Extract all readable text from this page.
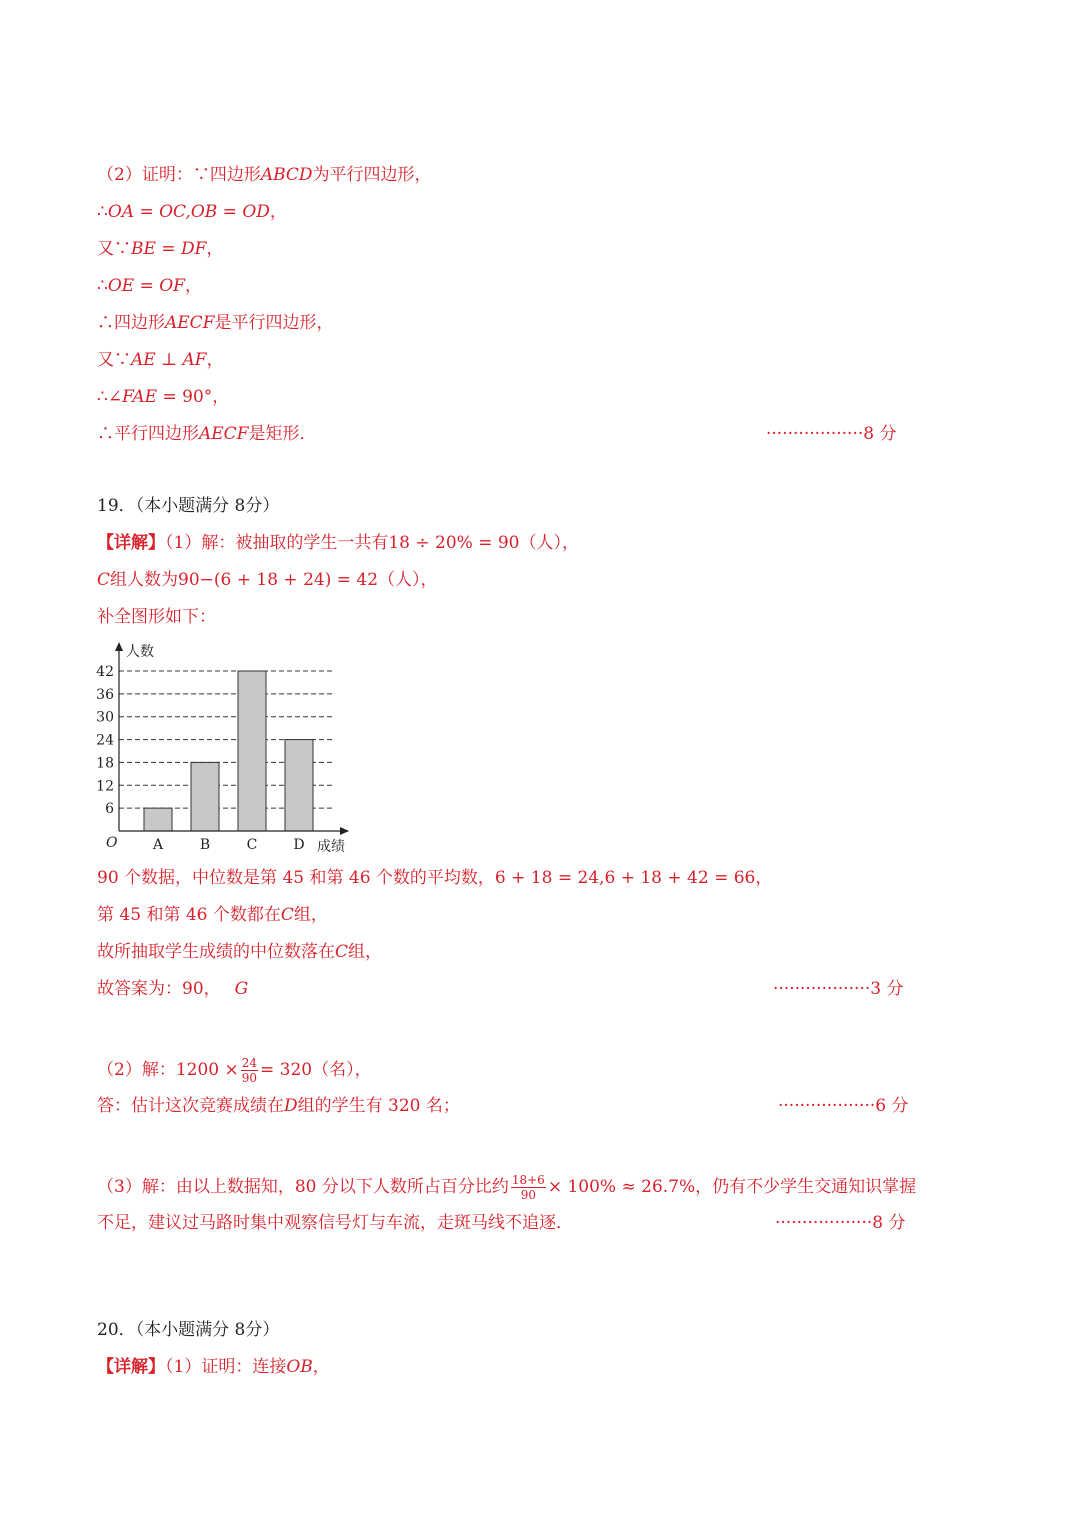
（2）证明：∵四边形ABCD为平行四边形，
∴OA = OC,OB = OD，
又∵BE = DF，
∴OE = OF，
∴四边形AECF是平行四边形，
又∵AE ⊥ AF，
∴∠FAE = 90°，
∴平行四边形AECF是矩形．	··················8 分
19．（本小题满分 8分）
【详解】（1）解：被抽取的学生一共有18 ÷ 20% = 90（人），
C组人数为90−(6 + 18 + 24) = 42（人），
补全图形如下：
A	B	C	D
6
12
18
24
30
36
42
人数
成绩
O
90 个数据，中位数是第 45 和第 46 个数的平均数，6 + 18 = 24,6 + 18 + 42 = 66，
第 45 和第 46 个数都在C组，
故所抽取学生成绩的中位数落在C组，
故答案为：90， G	··················3 分
（2）解：$1200 \times \frac{24}{90} = 320$（名），
答：估计这次竞赛成绩在D组的学生有 320 名；	··················6 分
（3）解：由以上数据知，80 分以下人数所占百分比约 $\frac{18+6}{90} \times 100\% \approx 26.7\%$，仍有不少学生交通知识掌握
不足，建议过马路时集中观察信号灯与车流，走斑马线不追逐．	··················8 分
20．（本小题满分 8分）
【详解】（1）证明：连接OB，
